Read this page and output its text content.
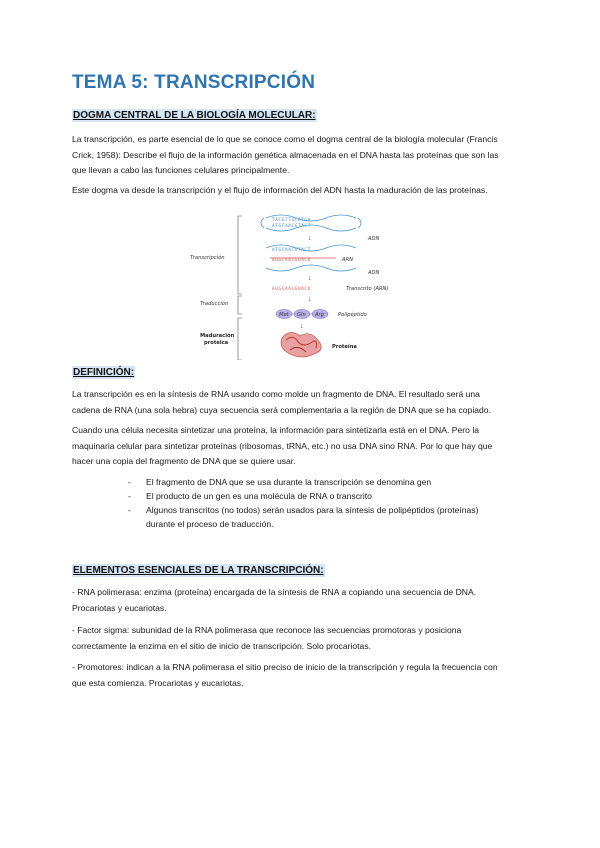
TEMA 5: TRANSCRIPCIÓN

DOGMA CENTRAL DE LA BIOLOGÍA MOLECULAR:

La transcripción, es parte esencial de lo que se conoce como el dogma central de la biología molecular (Francis
Crick, 1958): Describe el flujo de la información genética almacenada en el DNA hasta las proteínas que son las
que llevan a cabo las funciones celulares principalmente.

Este dogma va desde la transcripción y el flujo de información del ADN hasta la maduración de las proteínas.

Transcripción
Traducción
Maduración
proteica
TACGTTGCATGA
ATGCAACGTACT
ADN
↓
ATGCAACGTACT
AUGCAACGUACU	ARN
ADN
↓
AUGCAACGUACU	Transcrito (ARN)
↓
Met Gln Arg	Polipéptido
↓
Proteína

DEFINICIÓN:

La transcripción es en la síntesis de RNA usando como molde un fragmento de DNA. El resultado será una
cadena de RNA (una sola hebra) cuya secuencia será complementaria a la región de DNA que se ha copiado.

Cuando una célula necesita sintetizar una proteína, la información para sintetizarla está en el DNA. Pero la
maquinaria celular para sintetizar proteínas (ribosomas, tRNA, etc.) no usa DNA sino RNA. Por lo que hay que
hacer una copia del fragmento de DNA que se quiere usar.

- El fragmento de DNA que se usa durante la transcripción se denomina gen
- El producto de un gen es una molécula de RNA o transcrito
- Algunos transcritos (no todos) serán usados para la síntesis de polipéptidos (proteínas)
durante el proceso de traducción.

ELEMENTOS ESENCIALES DE LA TRANSCRIPCIÓN:

- RNA polimerasa: enzima (proteína) encargada de la síntesis de RNA a copiando una secuencia de DNA.
Procariotas y eucariotas.

- Factor sigma: subunidad de la RNA polimerasa que reconoce las secuencias promotoras y posiciona
correctamente la enzima en el sitio de inicio de transcripción. Solo procariotas.

- Promotores: indican a la RNA polimerasa el sitio preciso de inicio de la transcripción y regula la frecuencia con
que esta comienza. Procariotas y eucariotas.
